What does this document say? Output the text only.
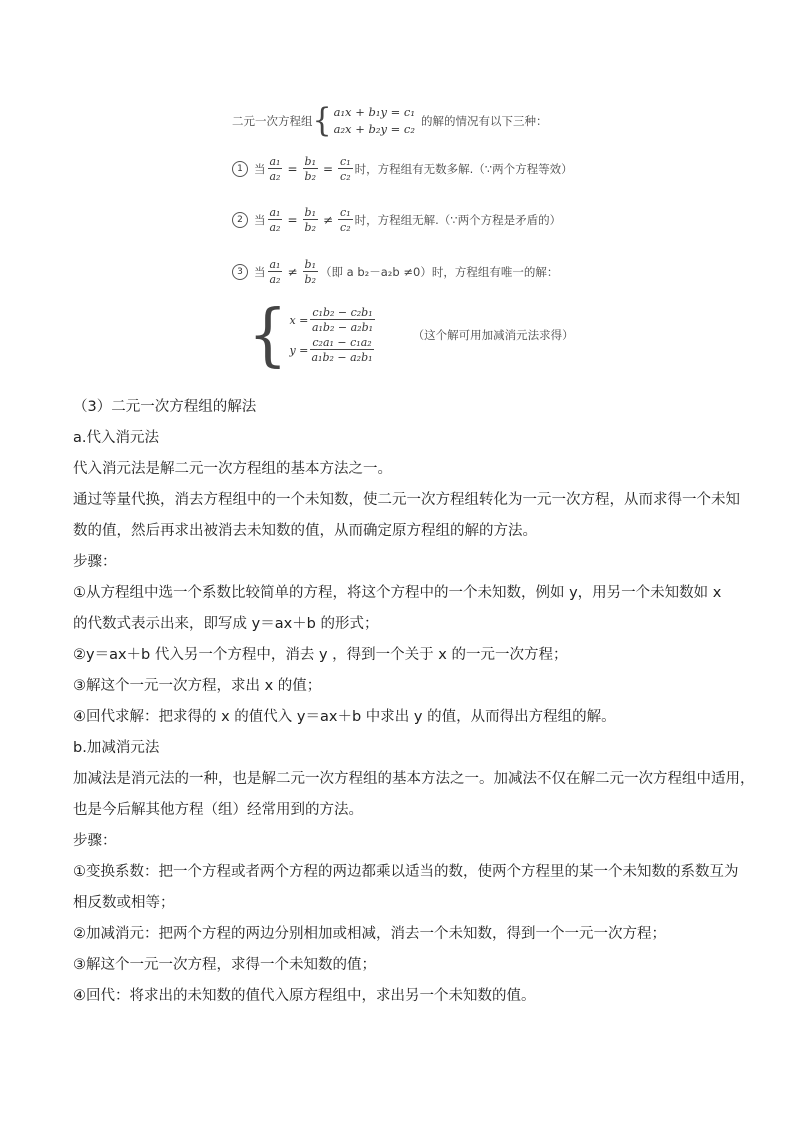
二元一次方程组 { a₁x + b₁y = c₁
a₂x + b₂y = c₂
的解的情况有以下三种：
1 当 $\frac{\text{a₁}}{\text{a₂}} = \frac{\text{b₁}}{\text{b₂}} = \frac{\text{c₁}}{\text{c₂}}$ 时，方程组有无数多解.（∵两个方程等效）
2 当 $\frac{\text{a₁}}{\text{a₂}} = \frac{\text{b₁}}{\text{b₂}} \ne \frac{\text{c₁}}{\text{c₂}}$ 时，方程组无解.（∵两个方程是矛盾的）
3 当 $\frac{\text{a₁}}{\text{a₂}} \ne \frac{\text{b₁}}{\text{b₂}}$ （即 a b₂－a₂b ≠0）时，方程组有唯一的解：
{ $x = \frac{\text{c₁b₂ − c₂b₁}}{\text{a₁b₂ − a₂b₁}}$
$y = \frac{\text{c₂a₁ − c₁a₂}}{\text{a₁b₂ − a₂b₁}}$
（这个解可用加减消元法求得）
（3）二元一次方程组的解法
a.代入消元法
代入消元法是解二元一次方程组的基本方法之一。
通过等量代换，消去方程组中的一个未知数，使二元一次方程组转化为一元一次方程，从而求得一个未知
数的值，然后再求出被消去未知数的值，从而确定原方程组的解的方法。
步骤：
①从方程组中选一个系数比较简单的方程，将这个方程中的一个未知数，例如 y，用另一个未知数如 x
的代数式表示出来，即写成 y＝ax＋b 的形式；
②y＝ax＋b 代入另一个方程中，消去 y ，得到一个关于 x 的一元一次方程；
③解这个一元一次方程，求出 x 的值；
④回代求解：把求得的 x 的值代入 y＝ax＋b 中求出 y 的值，从而得出方程组的解。
b.加减消元法
加减法是消元法的一种，也是解二元一次方程组的基本方法之一。加减法不仅在解二元一次方程组中适用，
也是今后解其他方程（组）经常用到的方法。
步骤：
①变换系数：把一个方程或者两个方程的两边都乘以适当的数，使两个方程里的某一个未知数的系数互为
相反数或相等；
②加减消元：把两个方程的两边分别相加或相减，消去一个未知数，得到一个一元一次方程；
③解这个一元一次方程，求得一个未知数的值；
④回代：将求出的未知数的值代入原方程组中，求出另一个未知数的值。
